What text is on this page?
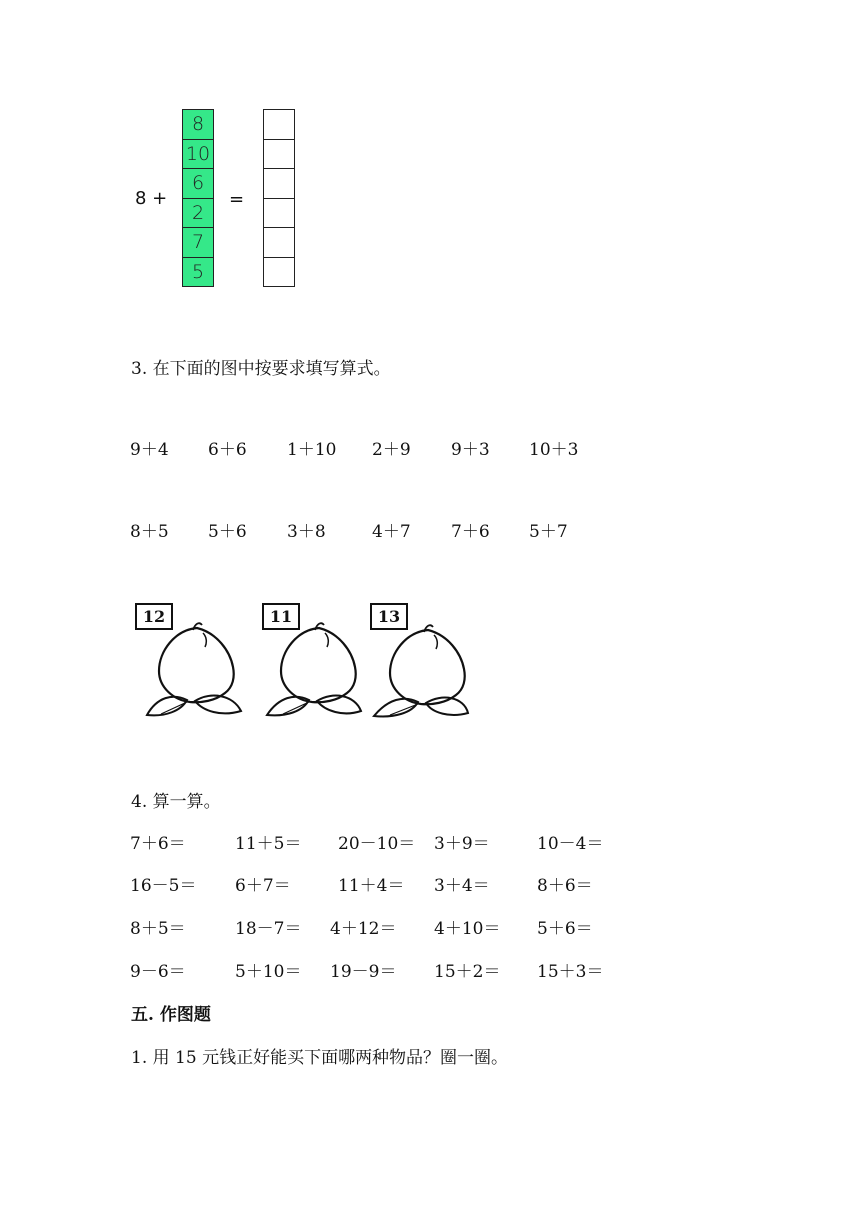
8 +
8
10
6
2
7
5
=
3. 在下面的图中按要求填写算式。
9＋4 6＋6 1＋10 2＋9 9＋3 10＋3
8＋5 5＋6 3＋8	4＋7 7＋6 5＋7
12	11	13
4. 算一算。
7＋6＝	11＋5＝ 20－10＝ 3＋9＝	10－4＝
16－5＝ 6＋7＝	11＋4＝ 3＋4＝	8＋6＝
8＋5＝	18－7＝ 4＋12＝ 4＋10＝ 5＋6＝
9－6＝	5＋10＝ 19－9＝ 15＋2＝ 15＋3＝
五. 作图题
1. 用 15 元钱正好能买下面哪两种物品？圈一圈。
